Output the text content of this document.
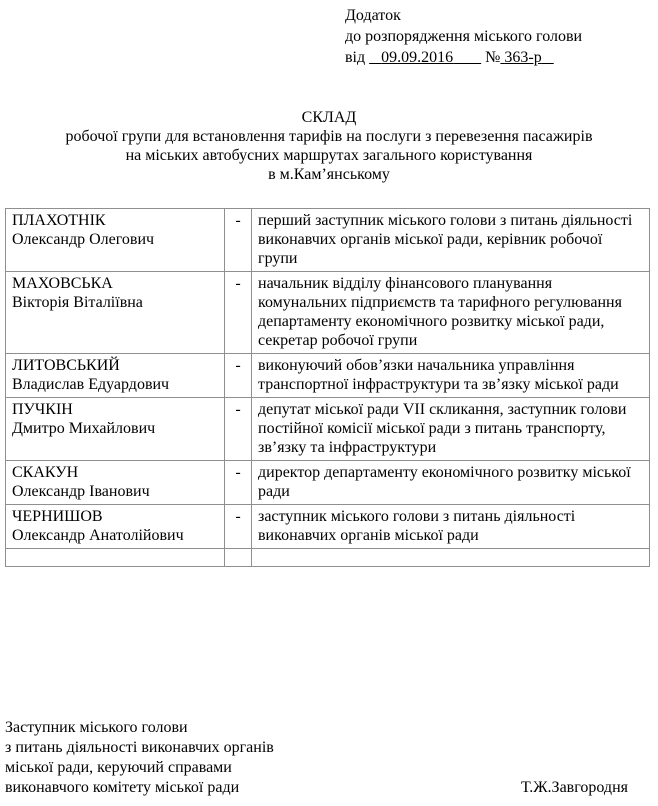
Додаток
до розпорядження міського голови
від 09.09.2016 № 363-р
СКЛАД
робочої групи для встановлення тарифів на послуги з перевезення пасажирів
на міських автобусних маршрутах загального користування
в м.Кам’янському
ПЛАХОТНІК
Олександр Олегович	-	перший заступник міського голови з питань діяльності виконавчих органів міської ради, керівник робочої групи

МАХОВСЬКА
Вікторія Віталіївна	-	начальник відділу фінансового планування комунальних підприємств та тарифного регулювання департаменту економічного розвитку міської ради, секретар робочої групи

ЛИТОВСЬКИЙ
Владислав Едуардович	-	виконуючий обов’язки начальника управління транспортної інфраструктури та зв’язку міської ради

ПУЧКІН
Дмитро Михайлович	-	депутат міської ради VII скликання, заступник голови постійної комісії міської ради з питань транспорту, зв’язку та інфраструктури

СКАКУН
Олександр Іванович	-	директор департаменту економічного розвитку міської ради

ЧЕРНИШОВ
Олександр Анатолійович	-	заступник міського голови з питань діяльності виконавчих органів міської ради

Заступник міського голови
з питань діяльності виконавчих органів
міської ради, керуючий справами
виконавчого комітету міської ради	Т.Ж.Завгородня
